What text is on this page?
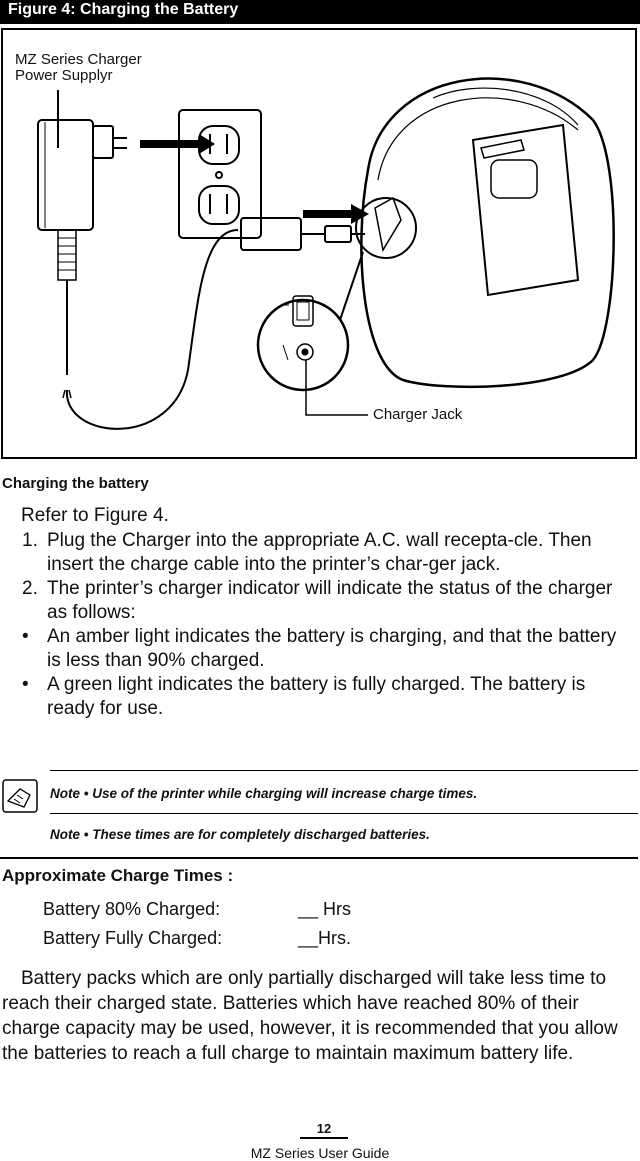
Figure 4: Charging the Battery
MZ Series Charger
Power Supplyr
Charger Jack
Charging the battery
Refer to Figure 4.
1. Plug the Charger into the appropriate A.C. wall recepta-cle. Then insert the charge cable into the printer’s char-ger jack.
2. The printer’s charger indicator will indicate the status of the charger as follows:
• An amber light indicates the battery is charging, and that the battery is less than 90% charged.
• A green light indicates the battery is fully charged. The battery is ready for use.
Note • Use of the printer while charging will increase charge times.
Note • These times are for completely discharged batteries.
Approximate Charge Times :
Battery 80% Charged:	__ Hrs
Battery Fully Charged:	__Hrs.
Battery packs which are only partially discharged will take less time to reach their charged state. Batteries which have reached 80% of their charge capacity may be used, however, it is recommended that you allow the batteries to reach a full charge to maintain maximum battery life.
12
MZ Series User Guide
